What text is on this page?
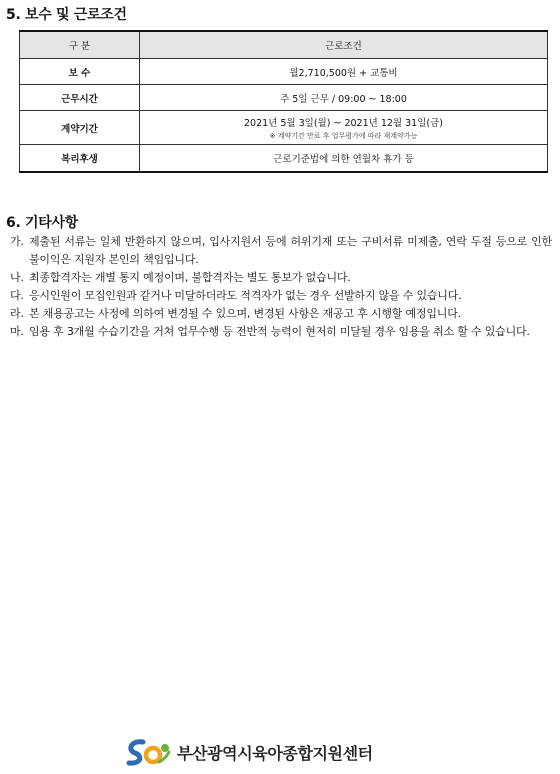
5. 보수 및 근로조건
구 분	근로조건
보 수	월2,710,500원 + 교통비
근무시간	주 5일 근무 / 09:00 ~ 18:00
계약기간	2021년 5월 3일(월) ~ 2021년 12월 31일(금)
※ 계약기간 만료 후 업무평가에 따라 재계약가능

복리후생	근로기준법에 의한 연월차 휴가 등
6. 기타사항
가. 제출된 서류는 일체 반환하지 않으며, 입사지원서 등에 허위기재 또는 구비서류 미제출, 연락 두절 등으로 인한 불이익은 지원자 본인의 책임입니다.
나. 최종합격자는 개별 통지 예정이며, 불합격자는 별도 통보가 없습니다.
다. 응시인원이 모집인원과 같거나 미달하더라도 적격자가 없는 경우 선발하지 않을 수 있습니다.
라. 본 채용공고는 사정에 의하여 변경될 수 있으며, 변경된 사항은 재공고 후 시행할 예정입니다.
마. 임용 후 3개월 수습기간을 거쳐 업무수행 등 전반적 능력이 현저히 미달될 경우 임용을 취소 할 수 있습니다.
부산광역시육아종합지원센터
